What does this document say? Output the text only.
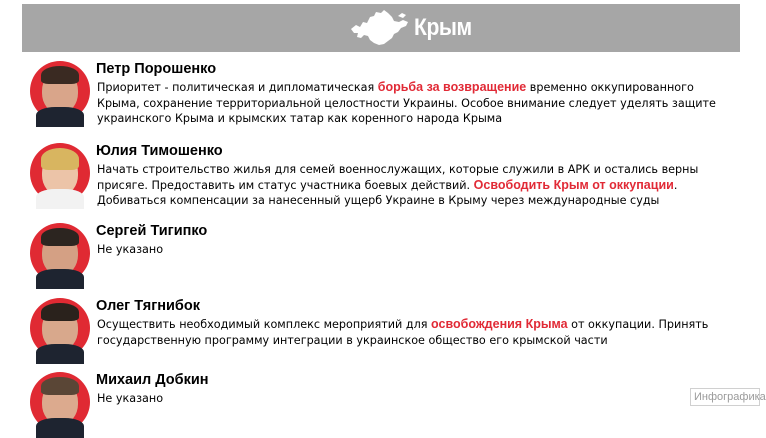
Крым
Петр Порошенко
Приоритет - политическая и дипломатическая борьба за возвращение временно оккупированного Крыма, сохранение территориальной целостности Украины. Особое внимание следует уделять защите украинского Крыма и крымских татар как коренного народа Крыма
Юлия Тимошенко
Начать строительство жилья для семей военнослужащих, которые служили в АРК и остались верны присяге. Предоставить им статус участника боевых действий. Освободить Крым от оккупации. Добиваться компенсации за нанесенный ущерб Украине в Крыму через международные суды
Сергей Тигипко
Не указано
Олег Тягнибок
Осуществить необходимый комплекс мероприятий для освобождения Крыма от оккупации. Принять государственную программу интеграции в украинское общество его крымской части
Михаил Добкин
Не указано	Инфографика
